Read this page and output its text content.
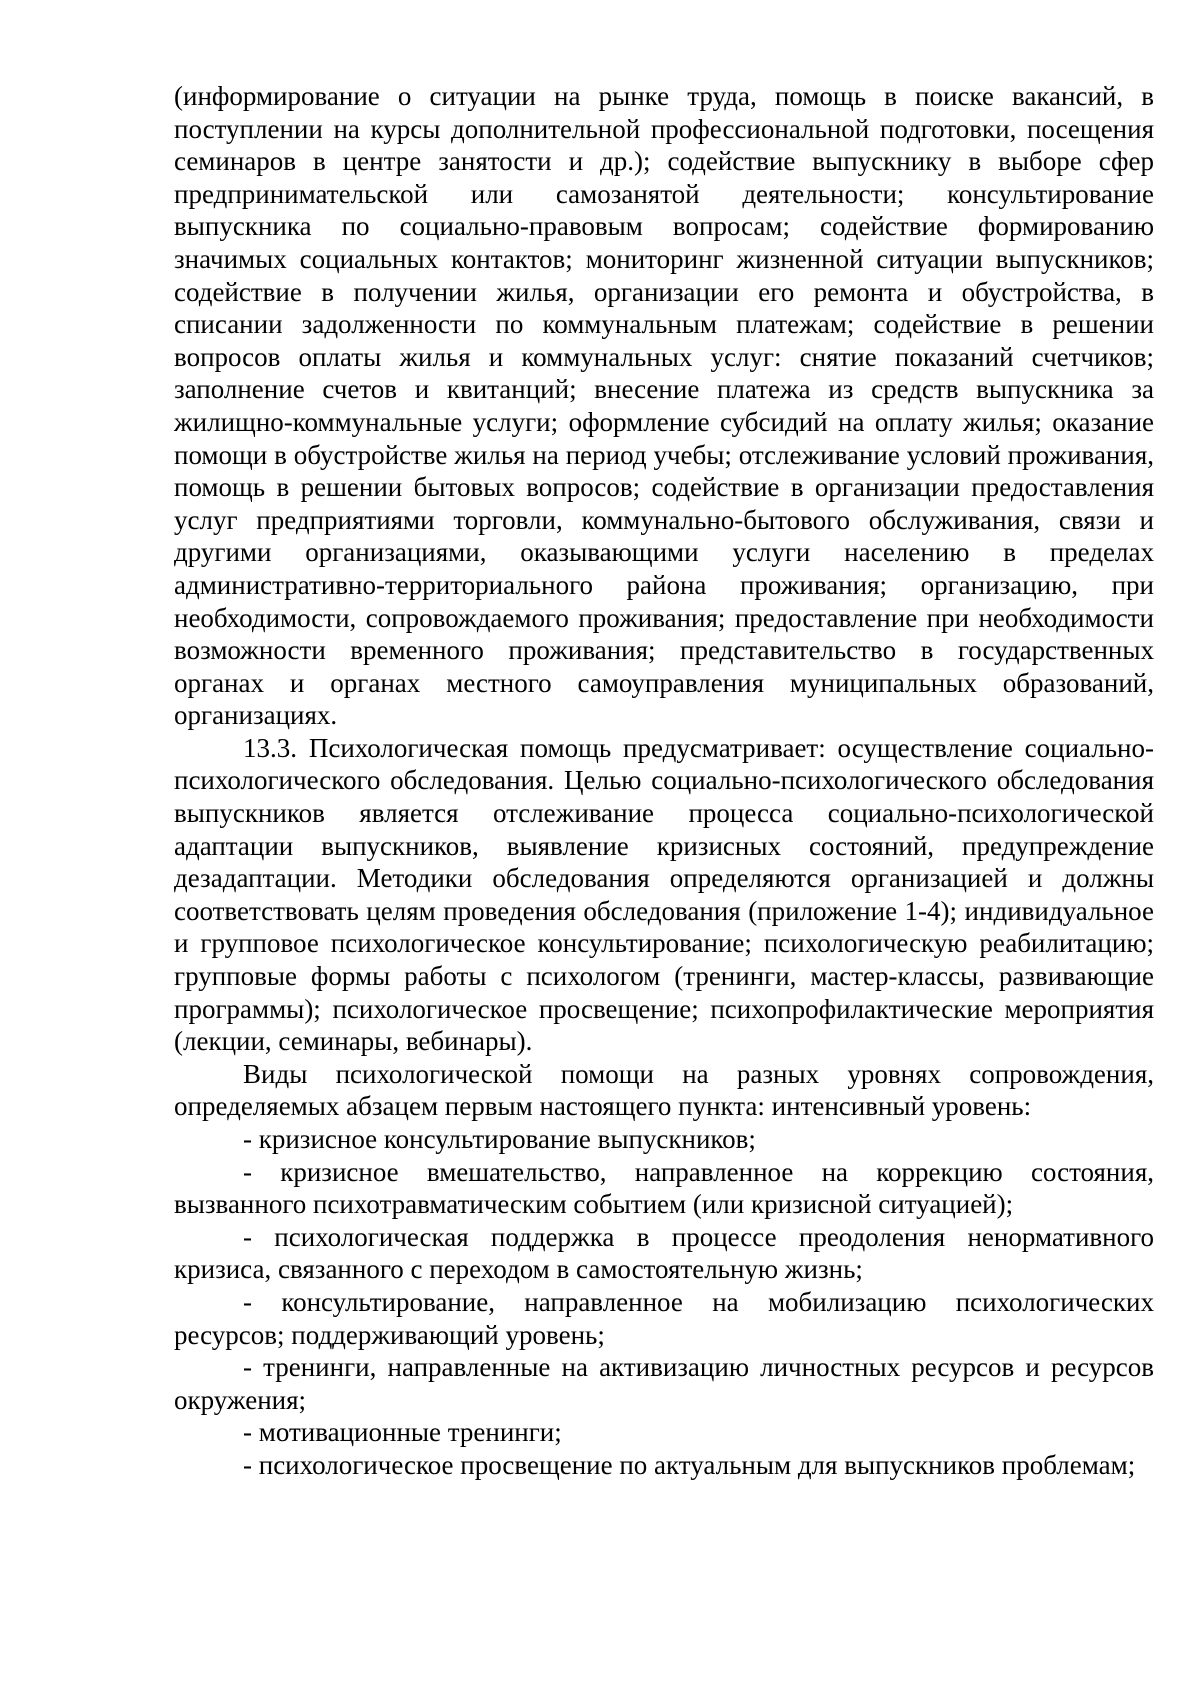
(информирование о ситуации на рынке труда, помощь в поиске вакансий, в поступлении на курсы дополнительной профессиональной подготовки, посещения семинаров в центре занятости и др.); содействие выпускнику в выборе сфер предпринимательской или самозанятой деятельности; консультирование выпускника по социально-правовым вопросам; содействие формированию значимых социальных контактов; мониторинг жизненной ситуации выпускников; содействие в получении жилья, организации его ремонта и обустройства, в списании задолженности по коммунальным платежам; содействие в решении вопросов оплаты жилья и коммунальных услуг: снятие показаний счетчиков; заполнение счетов и квитанций; внесение платежа из средств выпускника за жилищно-коммунальные услуги; оформление субсидий на оплату жилья; оказание помощи в обустройстве жилья на период учебы; отслеживание условий проживания, помощь в решении бытовых вопросов; содействие в организации предоставления услуг предприятиями торговли, коммунально-бытового обслуживания, связи и другими организациями, оказывающими услуги населению в пределах административно-территориального района проживания; организацию, при необходимости, сопровождаемого проживания; предоставление при необходимости возможности временного проживания; представительство в государственных органах и органах местного самоуправления муниципальных образований, организациях.

13.3. Психологическая помощь предусматривает: осуществление социально-психологического обследования. Целью социально-психологического обследования выпускников является отслеживание процесса социально-психологической адаптации выпускников, выявление кризисных состояний, предупреждение дезадаптации. Методики обследования определяются организацией и должны соответствовать целям проведения обследования (приложение 1-4); индивидуальное и групповое психологическое консультирование; психологическую реабилитацию; групповые формы работы с психологом (тренинги, мастер-классы, развивающие программы); психологическое просвещение; психопрофилактические мероприятия (лекции, семинары, вебинары).

Виды психологической помощи на разных уровнях сопровождения, определяемых абзацем первым настоящего пункта: интенсивный уровень:

- кризисное консультирование выпускников;

- кризисное вмешательство, направленное на коррекцию состояния, вызванного психотравматическим событием (или кризисной ситуацией);

- психологическая поддержка в процессе преодоления ненормативного кризиса, связанного с переходом в самостоятельную жизнь;

- консультирование, направленное на мобилизацию психологических ресурсов; поддерживающий уровень;

- тренинги, направленные на активизацию личностных ресурсов и ресурсов окружения;

- мотивационные тренинги;

- психологическое просвещение по актуальным для выпускников проблемам;
